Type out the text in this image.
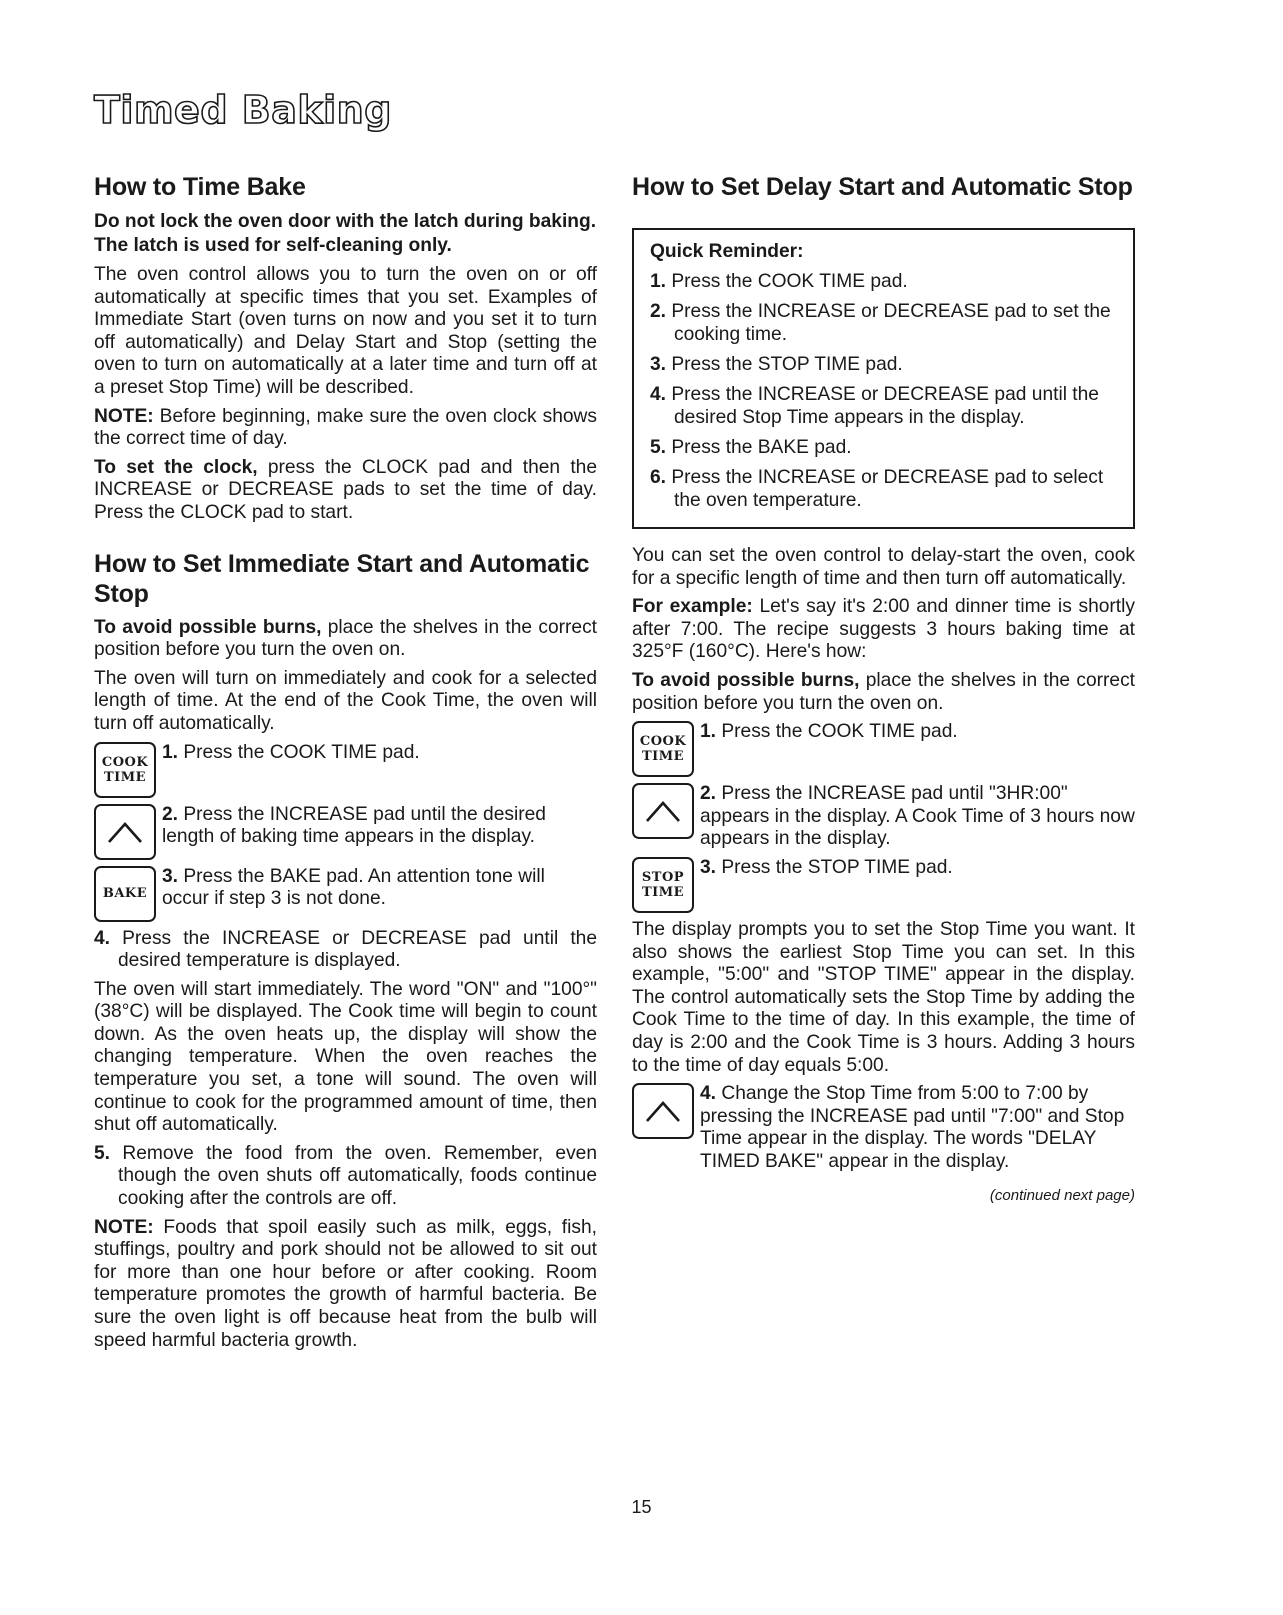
Timed Baking
How to Time Bake
Do not lock the oven door with the latch during baking. The latch is used for self-cleaning only.

The oven control allows you to turn the oven on or off automatically at specific times that you set. Examples of Immediate Start (oven turns on now and you set it to turn off automatically) and Delay Start and Stop (setting the oven to turn on automatically at a later time and turn off at a preset Stop Time) will be described.

NOTE: Before beginning, make sure the oven clock shows the correct time of day.

To set the clock, press the CLOCK pad and then the INCREASE or DECREASE pads to set the time of day. Press the CLOCK pad to start.

How to Set Immediate Start and Automatic Stop

To avoid possible burns, place the shelves in the correct position before you turn the oven on.

The oven will turn on immediately and cook for a selected length of time. At the end of the Cook Time, the oven will turn off automatically.

COOK
TIME
1. Press the COOK TIME pad.
2. Press the INCREASE pad until the desired length of baking time appears in the display.
BAKE
3. Press the BAKE pad. An attention tone will occur if step 3 is not done.
4. Press the INCREASE or DECREASE pad until the desired temperature is displayed.

The oven will start immediately. The word "ON" and "100°" (38°C) will be displayed. The Cook time will begin to count down. As the oven heats up, the display will show the changing temperature. When the oven reaches the temperature you set, a tone will sound. The oven will continue to cook for the programmed amount of time, then shut off automatically.

5. Remove the food from the oven. Remember, even though the oven shuts off automatically, foods continue cooking after the controls are off.

NOTE: Foods that spoil easily such as milk, eggs, fish, stuffings, poultry and pork should not be allowed to sit out for more than one hour before or after cooking. Room temperature promotes the growth of harmful bacteria. Be sure the oven light is off because heat from the bulb will speed harmful bacteria growth.

How to Set Delay Start and Automatic Stop
Quick Reminder:
1. Press the COOK TIME pad.
2. Press the INCREASE or DECREASE pad to set the cooking time.
3. Press the STOP TIME pad.
4. Press the INCREASE or DECREASE pad until the desired Stop Time appears in the display.
5. Press the BAKE pad.
6. Press the INCREASE or DECREASE pad to select the oven temperature.

You can set the oven control to delay-start the oven, cook for a specific length of time and then turn off automatically.

For example: Let's say it's 2:00 and dinner time is shortly after 7:00. The recipe suggests 3 hours baking time at 325°F (160°C). Here's how:

To avoid possible burns, place the shelves in the correct position before you turn the oven on.

COOK
TIME
1. Press the COOK TIME pad.
2. Press the INCREASE pad until "3HR:00" appears in the display. A Cook Time of 3 hours now appears in the display.
STOP
TIME
3. Press the STOP TIME pad.

The display prompts you to set the Stop Time you want. It also shows the earliest Stop Time you can set. In this example, "5:00" and "STOP TIME" appear in the display. The control automatically sets the Stop Time by adding the Cook Time to the time of day. In this example, the time of day is 2:00 and the Cook Time is 3 hours. Adding 3 hours to the time of day equals 5:00.

4. Change the Stop Time from 5:00 to 7:00 by pressing the INCREASE pad until "7:00" and Stop Time appear in the display. The words "DELAY TIMED BAKE" appear in the display.
(continued next page)
15
